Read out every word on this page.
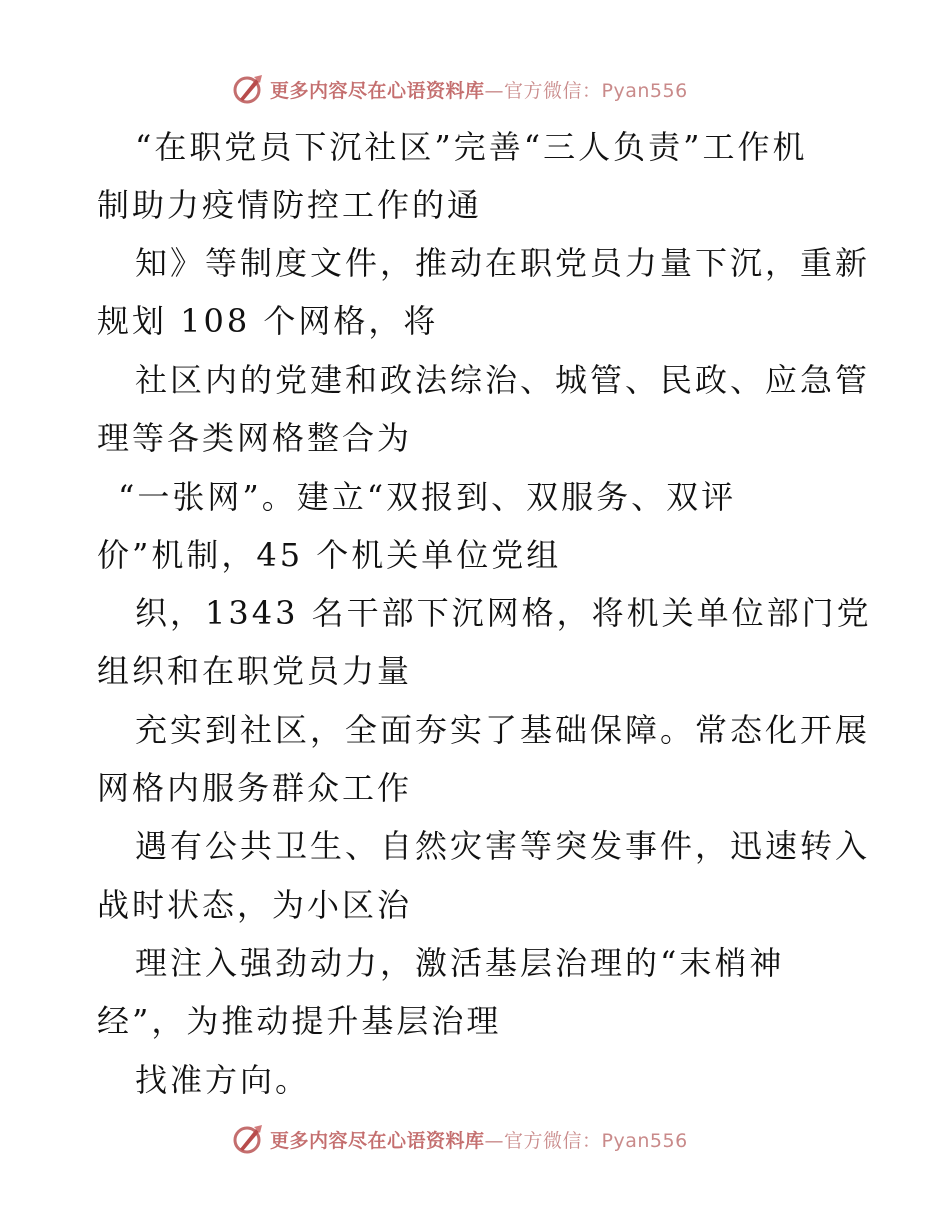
更多内容尽在心语资料库—官方微信：Pyan556
“在职党员下沉社区”完善“三人负责”工作机
制助力疫情防控工作的通
知》等制度文件，推动在职党员力量下沉，重新
规划 108 个网格，将
社区内的党建和政法综治、城管、民政、应急管
理等各类网格整合为
“一张网”。建立“双报到、双服务、双评
价”机制，45 个机关单位党组
织，1343 名干部下沉网格，将机关单位部门党
组织和在职党员力量
充实到社区，全面夯实了基础保障。常态化开展
网格内服务群众工作
遇有公共卫生、自然灾害等突发事件，迅速转入
战时状态，为小区治
理注入强劲动力，激活基层治理的“末梢神
经”，为推动提升基层治理
找准方向。
更多内容尽在心语资料库—官方微信：Pyan556
